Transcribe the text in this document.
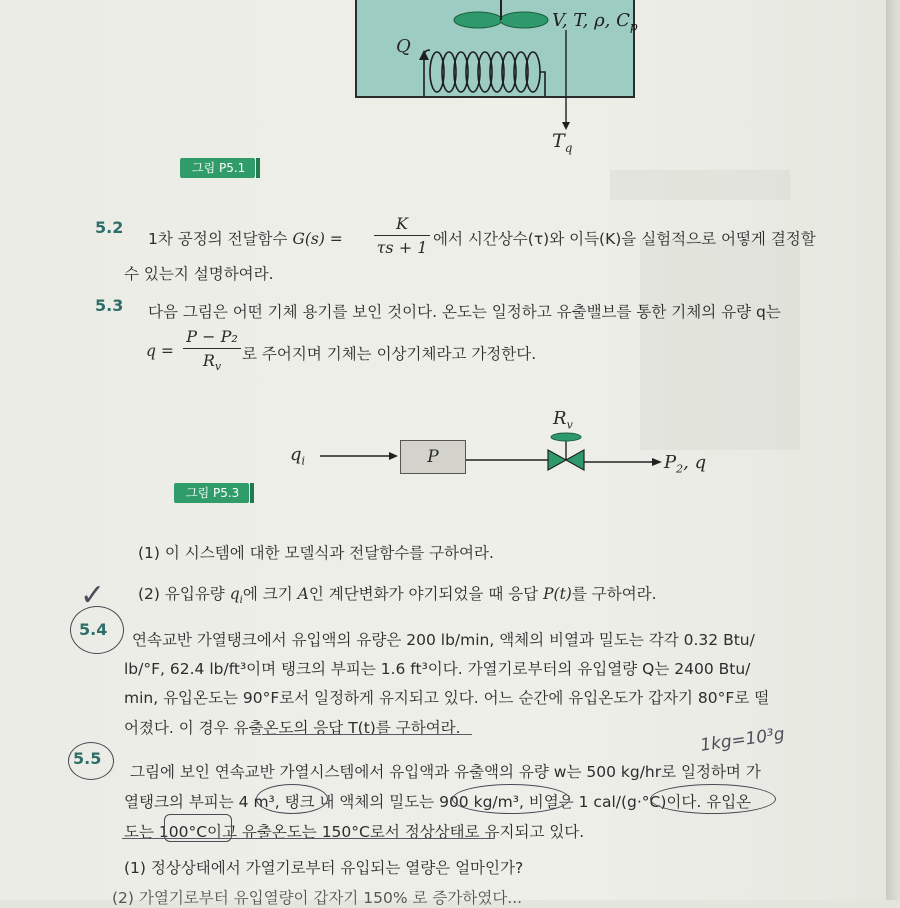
V, T, ρ, $C_p$
Q
$T_q$
그림 P5.1
5.2
1차 공정의 전달함수 $G(s) = \frac{K}{\tau s + 1}$ 에서 시간상수(τ)와 이득(K)을 실험적으로 어떻게 결정할
수 있는지 설명하여라.
5.3 다음 그림은 어떤 기체 용기를 보인 것이다. 온도는 일정하고 유출밸브를 통한 기체의 유량 q는
$q = \frac{\text{P − P₂}}{R_v}$ 로 주어지며 기체는 이상기체라고 가정한다.
$q_i$	P
$R_v$
$P_2$, q
그림 P5.3
(1) 이 시스템에 대한 모델식과 전달함수를 구하여라.
(2) 유입유량 $q_i$에 크기 A인 계단변화가 야기되었을 때 응답 P(t)를 구하여라.
✓
5.4
연속교반 가열탱크에서 유입액의 유량은 200 lb/min, 액체의 비열과 밀도는 각각 0.32 Btu/
lb/°F, 62.4 lb/ft³이며 탱크의 부피는 1.6 ft³이다. 가열기로부터의 유입열량 Q는 2400 Btu/
min, 유입온도는 90°F로서 일정하게 유지되고 있다. 어느 순간에 유입온도가 갑자기 80°F로 떨
어졌다. 이 경우 유출온도의 응답 T(t)를 구하여라.	1kg=10³g
5.5
그림에 보인 연속교반 가열시스템에서 유입액과 유출액의 유량 w는 500 kg/hr로 일정하며 가
열탱크의 부피는 4 m³, 탱크 내 액체의 밀도는 900 kg/m³, 비열은 1 cal/(g·°C)이다. 유입온
도는 100°C이고 유출온도는 150°C로서 정상상태로 유지되고 있다.
(1) 정상상태에서 가열기로부터 유입되는 열량은 얼마인가?
(2) 가열기로부터 유입열량이 갑자기 150% 로 증가하였다...
